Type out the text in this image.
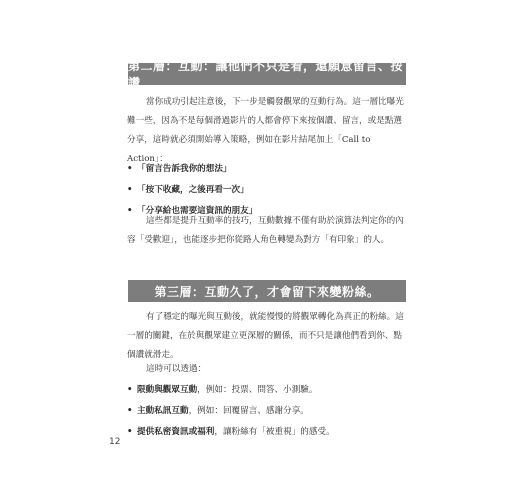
第二層：互動：讓他們不只是看，還願意留言、按讚

當你成功引起注意後，下一步是觸發觀眾的互動行為。這一層比曝光難一些，因為不是每個滑過影片的人都會停下來按個讚、留言，或是點選分享，這時就必須開始導入策略，例如在影片結尾加上「Call to Action」：

• 「留言告訴我你的想法」
• 「按下收藏，之後再看一次」
• 「分享給也需要這資訊的朋友」

這些都是提升互動率的技巧，互動數據不僅有助於演算法判定你的內容「受歡迎」，也能逐步把你從路人角色轉變為對方「有印象」的人。

第三層：互動久了，才會留下來變粉絲。

有了穩定的曝光與互動後，就能慢慢的將觀眾轉化為真正的粉絲。這一層的關鍵，在於與觀眾建立更深層的關係，而不只是讓他們看到你、點個讚就滑走。

這時可以透過：

• 限動與觀眾互動，例如：投票、問答、小測驗。
• 主動私訊互動，例如：回覆留言、感謝分享。
• 提供私密資訊或福利，讓粉絲有「被重視」的感受。
12
